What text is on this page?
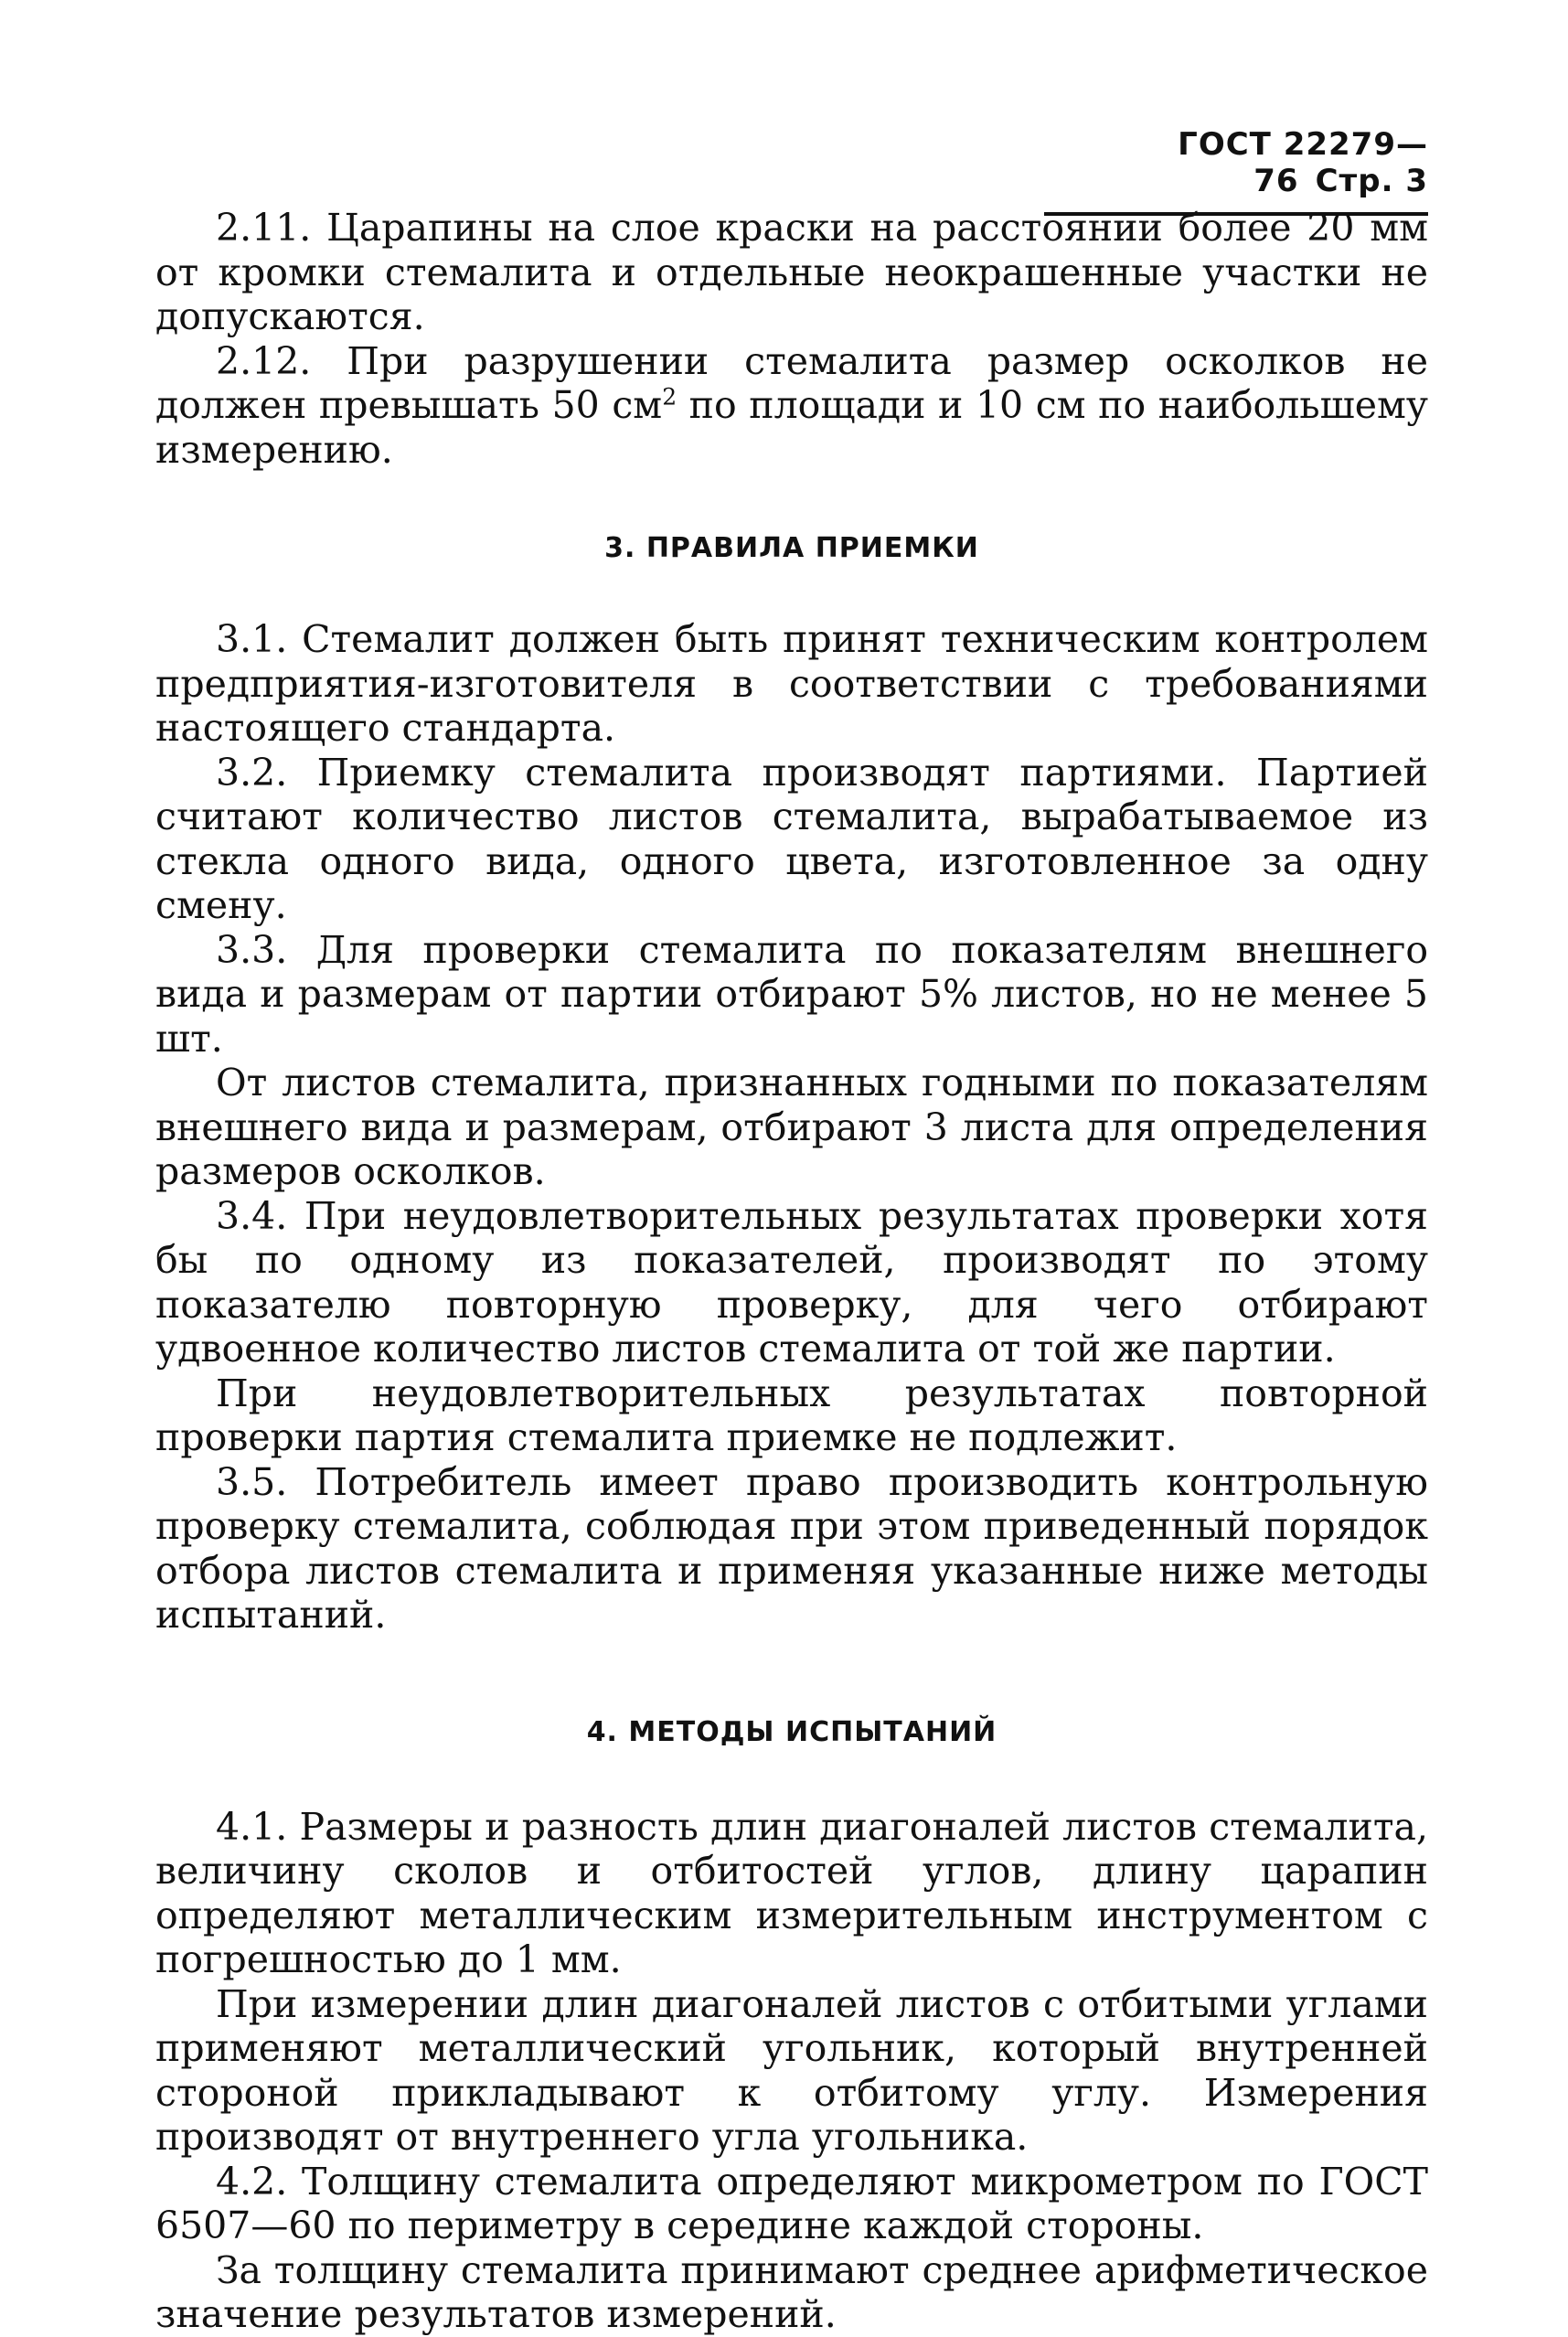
ГОСТ 22279—76 Стр. 3

2.11. Царапины на слое краски на расстоянии более 20 мм от кромки стемалита и отдельные неокрашенные участки не допускаются.

2.12. При разрушении стемалита размер осколков не должен превышать 50 $см^2$ по площади и 10 см по наибольшему измерению.

3. ПРАВИЛА ПРИЕМКИ

3.1. Стемалит должен быть принят техническим контролем предприятия-изготовителя в соответствии с требованиями настоящего стандарта.

3.2. Приемку стемалита производят партиями. Партией считают количество листов стемалита, вырабатываемое из стекла одного вида, одного цвета, изготовленное за одну смену.

3.3. Для проверки стемалита по показателям внешнего вида и размерам от партии отбирают 5% листов, но не менее 5 шт.

От листов стемалита, признанных годными по показателям внешнего вида и размерам, отбирают 3 листа для определения размеров осколков.

3.4. При неудовлетворительных результатах проверки хотя бы по одному из показателей, производят по этому показателю повторную проверку, для чего отбирают удвоенное количество листов стемалита от той же партии.

При неудовлетворительных результатах повторной проверки партия стемалита приемке не подлежит.

3.5. Потребитель имеет право производить контрольную проверку стемалита, соблюдая при этом приведенный порядок отбора листов стемалита и применяя указанные ниже методы испытаний.

4. МЕТОДЫ ИСПЫТАНИЙ

4.1. Размеры и разность длин диагоналей листов стемалита, величину сколов и отбитостей углов, длину царапин определяют металлическим измерительным инструментом с погрешностью до 1 мм.

При измерении длин диагоналей листов с отбитыми углами применяют металлический угольник, который внутренней стороной прикладывают к отбитому углу. Измерения производят от внутреннего угла угольника.

4.2. Толщину стемалита определяют микрометром по ГОСТ 6507—60 по периметру в середине каждой стороны.

За толщину стемалита принимают среднее арифметическое значение результатов измерений.
